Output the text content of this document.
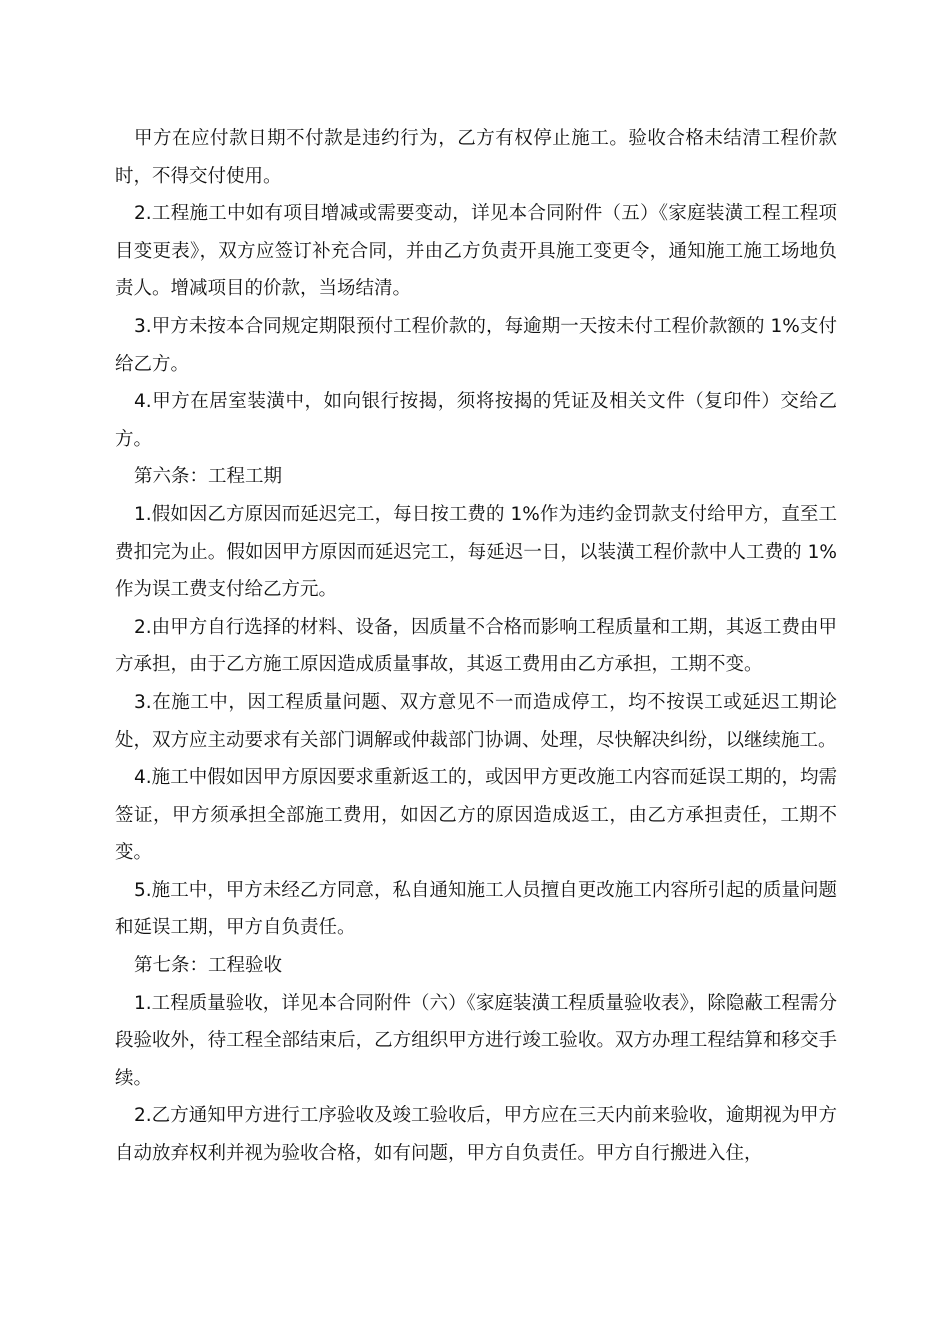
甲方在应付款日期不付款是违约行为，乙方有权停止施工。验收合格未结清工程价款时，不得交付使用。

2.工程施工中如有项目增减或需要变动，详见本合同附件（五）《家庭装潢工程工程项目变更表》，双方应签订补充合同，并由乙方负责开具施工变更令，通知施工施工场地负责人。增减项目的价款，当场结清。

3.甲方未按本合同规定期限预付工程价款的，每逾期一天按未付工程价款额的 1%支付给乙方。

4.甲方在居室装潢中，如向银行按揭，须将按揭的凭证及相关文件（复印件）交给乙方。

第六条：工程工期

1.假如因乙方原因而延迟完工，每日按工费的 1%作为违约金罚款支付给甲方，直至工费扣完为止。假如因甲方原因而延迟完工，每延迟一日，以装潢工程价款中人工费的 1%作为误工费支付给乙方元。

2.由甲方自行选择的材料、设备，因质量不合格而影响工程质量和工期，其返工费由甲方承担，由于乙方施工原因造成质量事故，其返工费用由乙方承担，工期不变。

3.在施工中，因工程质量问题、双方意见不一而造成停工，均不按误工或延迟工期论处，双方应主动要求有关部门调解或仲裁部门协调、处理，尽快解决纠纷，以继续施工。

4.施工中假如因甲方原因要求重新返工的，或因甲方更改施工内容而延误工期的，均需签证，甲方须承担全部施工费用，如因乙方的原因造成返工，由乙方承担责任，工期不变。

5.施工中，甲方未经乙方同意，私自通知施工人员擅自更改施工内容所引起的质量问题和延误工期，甲方自负责任。

第七条：工程验收

1.工程质量验收，详见本合同附件（六）《家庭装潢工程质量验收表》，除隐蔽工程需分段验收外，待工程全部结束后，乙方组织甲方进行竣工验收。双方办理工程结算和移交手续。

2.乙方通知甲方进行工序验收及竣工验收后，甲方应在三天内前来验收，逾期视为甲方自动放弃权利并视为验收合格，如有问题，甲方自负责任。甲方自行搬进入住，
